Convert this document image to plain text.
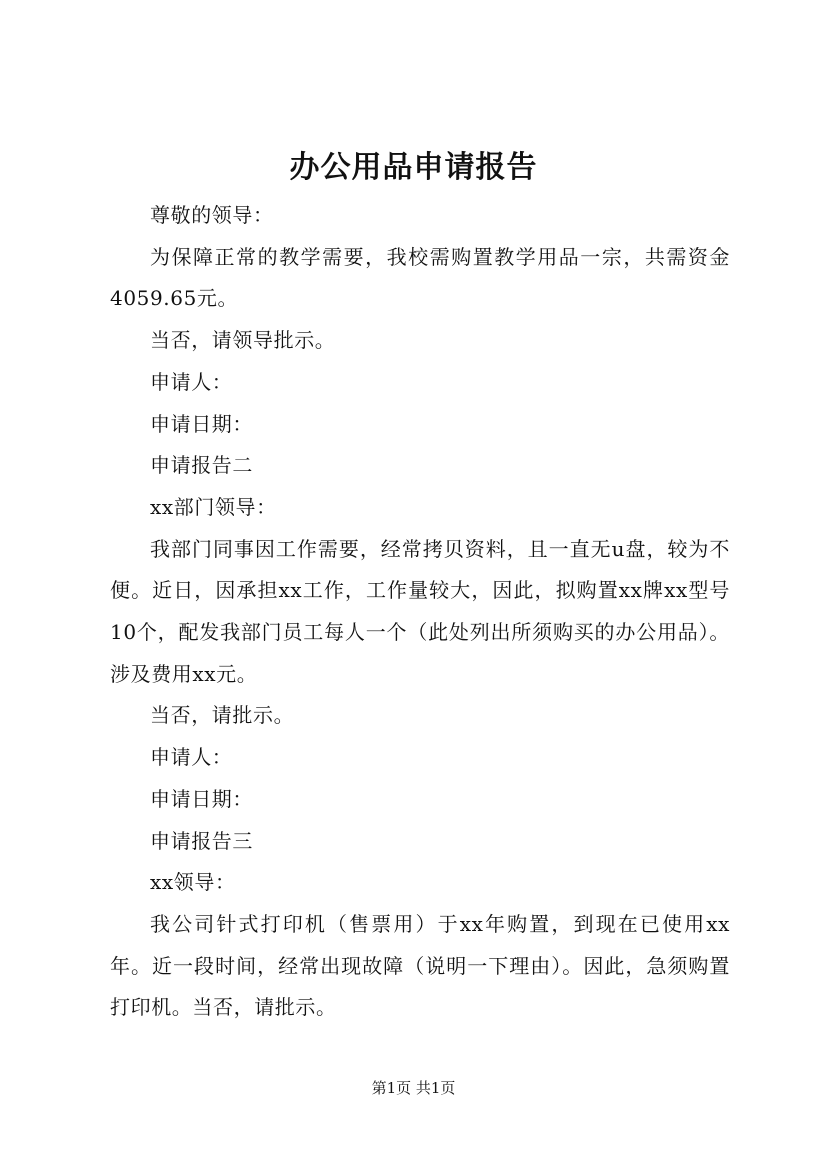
办公用品申请报告

尊敬的领导：

为保障正常的教学需要，我校需购置教学用品一宗，共需资金4059.65元。

当否，请领导批示。

申请人：

申请日期：

申请报告二

xx部门领导：

我部门同事因工作需要，经常拷贝资料，且一直无u盘，较为不便。近日，因承担xx工作，工作量较大，因此，拟购置xx牌xx型号10个，配发我部门员工每人一个（此处列出所须购买的办公用品）。涉及费用xx元。

当否，请批示。

申请人：

申请日期：

申请报告三

xx领导：

我公司针式打印机（售票用）于xx年购置，到现在已使用xx年。近一段时间，经常出现故障（说明一下理由）。因此，急须购置打印机。当否，请批示。

第1页 共1页
